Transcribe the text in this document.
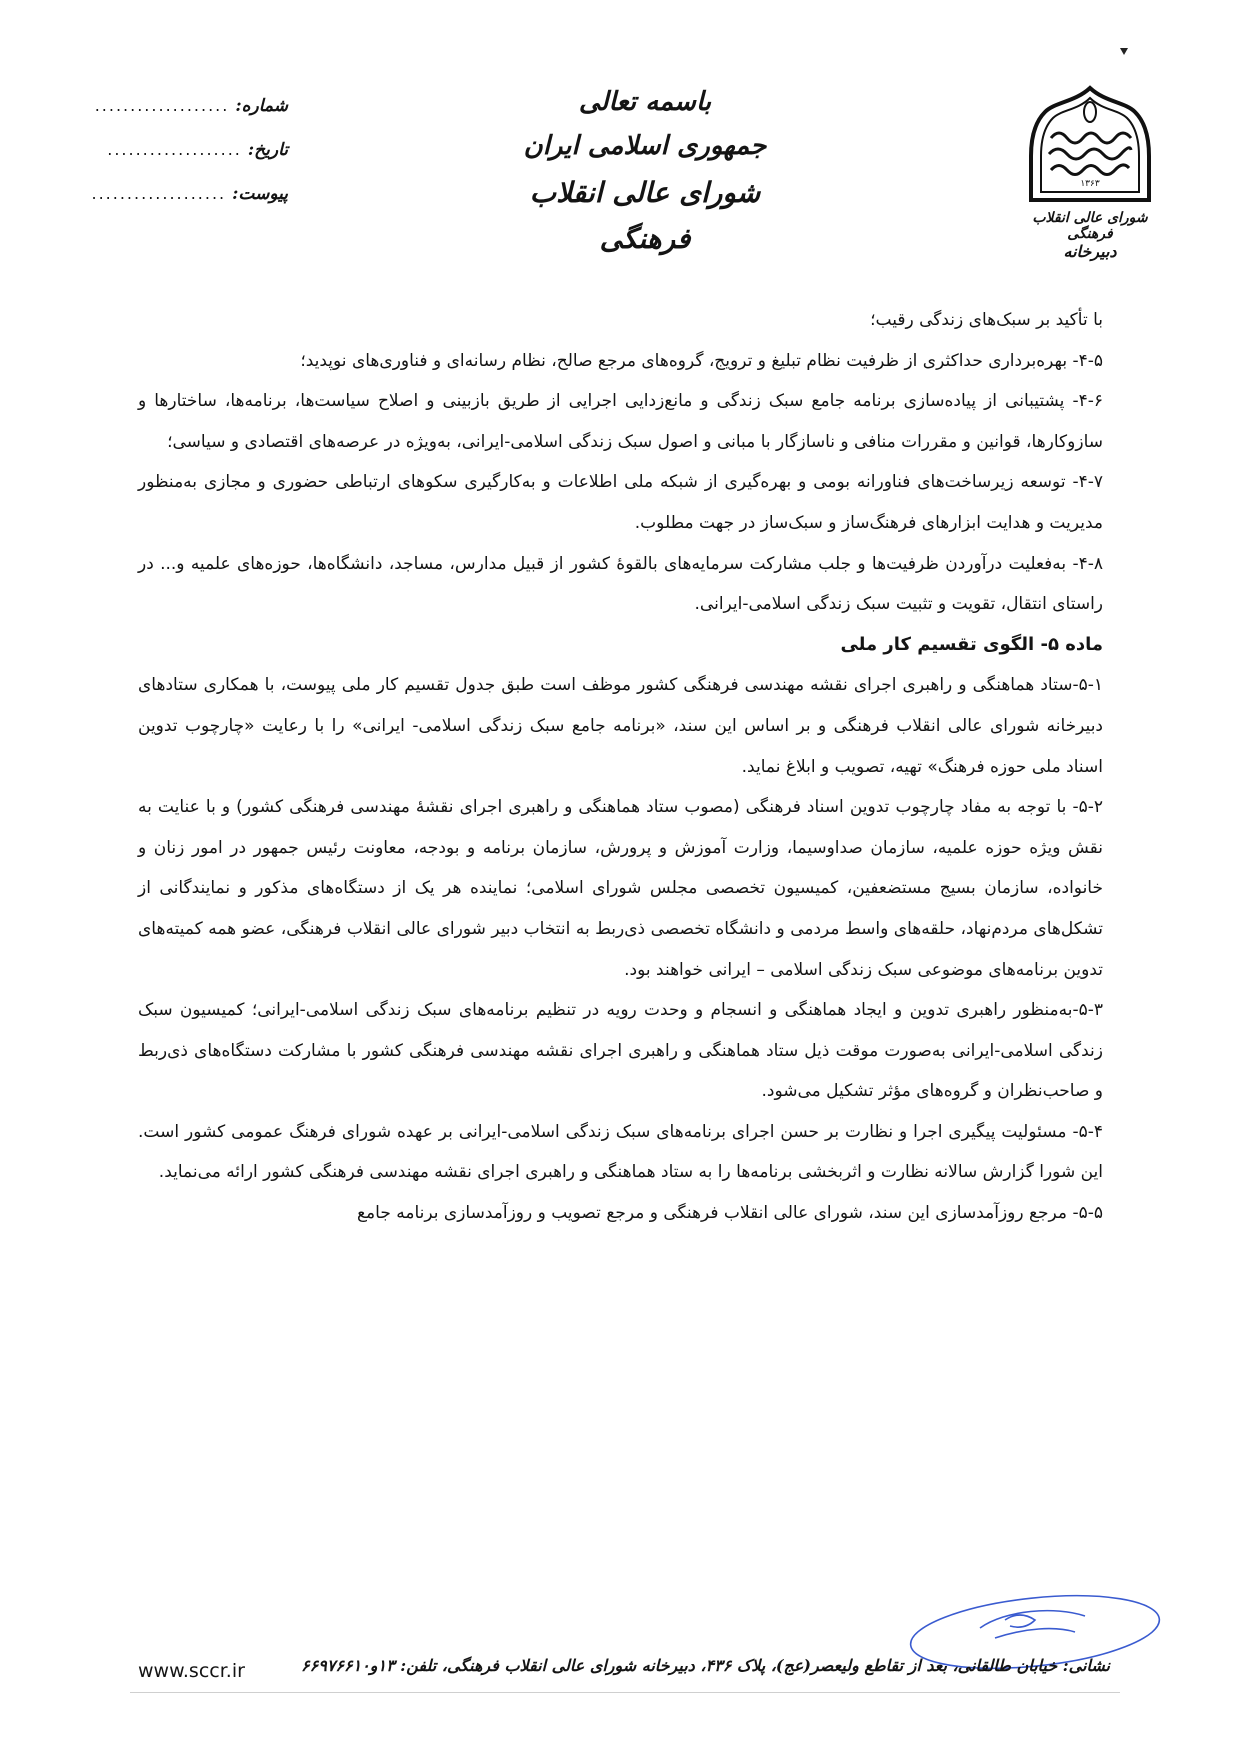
۱۳۶۳
شورای عالی انقلاب فرهنگی
دبیرخانه
باسمه تعالی
جمهوری اسلامی ایران
شورای عالی انقلاب فرهنگی
شماره:
...................
تاریخ:
...................
پیوست:
...................

با تأکید بر سبک‌های زندگی رقیب؛

۴-۵- بهره‌برداری حداکثری از ظرفیت نظام تبلیغ و ترویج، گروه‌های مرجع صالح، نظام رسانه‌ای و فناوری‌های نوپدید؛

۴-۶- پشتیبانی از پیاده‌سازی برنامه جامع سبک زندگی و مانع‌زدایی اجرایی از طریق بازبینی و اصلاح سیاست‌ها، برنامه‌ها، ساختارها و سازوکارها، قوانین و مقررات منافی و ناسازگار با مبانی و اصول سبک زندگی اسلامی-ایرانی، به‌ویژه در عرصه‌های اقتصادی و سیاسی؛

۴-۷- توسعه زیرساخت‌های فناورانه بومی و بهره‌گیری از شبکه ملی اطلاعات و به‌کارگیری سکوهای ارتباطی حضوری و مجازی به‌منظور مدیریت و هدایت ابزارهای فرهنگ‌ساز و سبک‌ساز در جهت مطلوب.

۴-۸- به‌فعلیت درآوردن ظرفیت‌ها و جلب مشارکت سرمایه‌های بالقوۀ کشور از قبیل مدارس، مساجد، دانشگاه‌ها، حوزه‌های علمیه و... در راستای انتقال، تقویت و تثبیت سبک زندگی اسلامی-ایرانی.

ماده ۵- الگوی تقسیم کار ملی

۵-۱-ستاد هماهنگی و راهبری اجرای نقشه مهندسی فرهنگی کشور موظف است طبق جدول تقسیم کار ملی پیوست، با همکاری ستادهای دبیرخانه شورای عالی انقلاب فرهنگی و بر اساس این سند، «برنامه جامع سبک زندگی اسلامی- ایرانی» را با رعایت «چارچوب تدوین اسناد ملی حوزه فرهنگ» تهیه، تصویب و ابلاغ نماید.

۵-۲- با توجه به مفاد چارچوب تدوین اسناد فرهنگی (مصوب ستاد هماهنگی و راهبری اجرای نقشۀ مهندسی فرهنگی کشور) و با عنایت به نقش ویژه حوزه علمیه، سازمان صداوسیما، وزارت آموزش و پرورش، سازمان برنامه و بودجه، معاونت رئیس جمهور در امور زنان و خانواده، سازمان بسیج مستضعفین، کمیسیون تخصصی مجلس شورای اسلامی؛ نماینده هر یک از دستگاه‌های مذکور و نمایندگانی از تشکل‌های مردم‌نهاد، حلقه‌های واسط مردمی و دانشگاه تخصصی ذی‌ربط به انتخاب دبیر شورای عالی انقلاب فرهنگی، عضو همه کمیته‌های تدوین برنامه‌های موضوعی سبک زندگی اسلامی – ایرانی خواهند بود.

۵-۳-به‌منظور راهبری تدوین و ایجاد هماهنگی و انسجام و وحدت رویه در تنظیم برنامه‌های سبک زندگی اسلامی-ایرانی؛ کمیسیون سبک زندگی اسلامی-ایرانی به‌صورت موقت ذیل ستاد هماهنگی و راهبری اجرای نقشه مهندسی فرهنگی کشور با مشارکت دستگاه‌های ذی‌ربط و صاحب‌نظران و گروه‌های مؤثر تشکیل می‌شود.

۵-۴- مسئولیت پیگیری اجرا و نظارت بر حسن اجرای برنامه‌های سبک زندگی اسلامی-ایرانی بر عهده شورای فرهنگ عمومی کشور است. این شورا گزارش سالانه نظارت و اثربخشی برنامه‌ها را به ستاد هماهنگی و راهبری اجرای نقشه مهندسی فرهنگی کشور ارائه می‌نماید.

۵-۵- مرجع روزآمدسازی این سند، شورای عالی انقلاب فرهنگی و مرجع تصویب و روزآمدسازی برنامه جامع

www.sccr.ir	نشانی: خیابان طالقانی، بعد از تقاطع ولیعصر(عج)، پلاک ۴۳۶، دبیرخانه شورای عالی انقلاب فرهنگی، تلفن: ۱۳و۶۶۹۷۶۶۱۰
